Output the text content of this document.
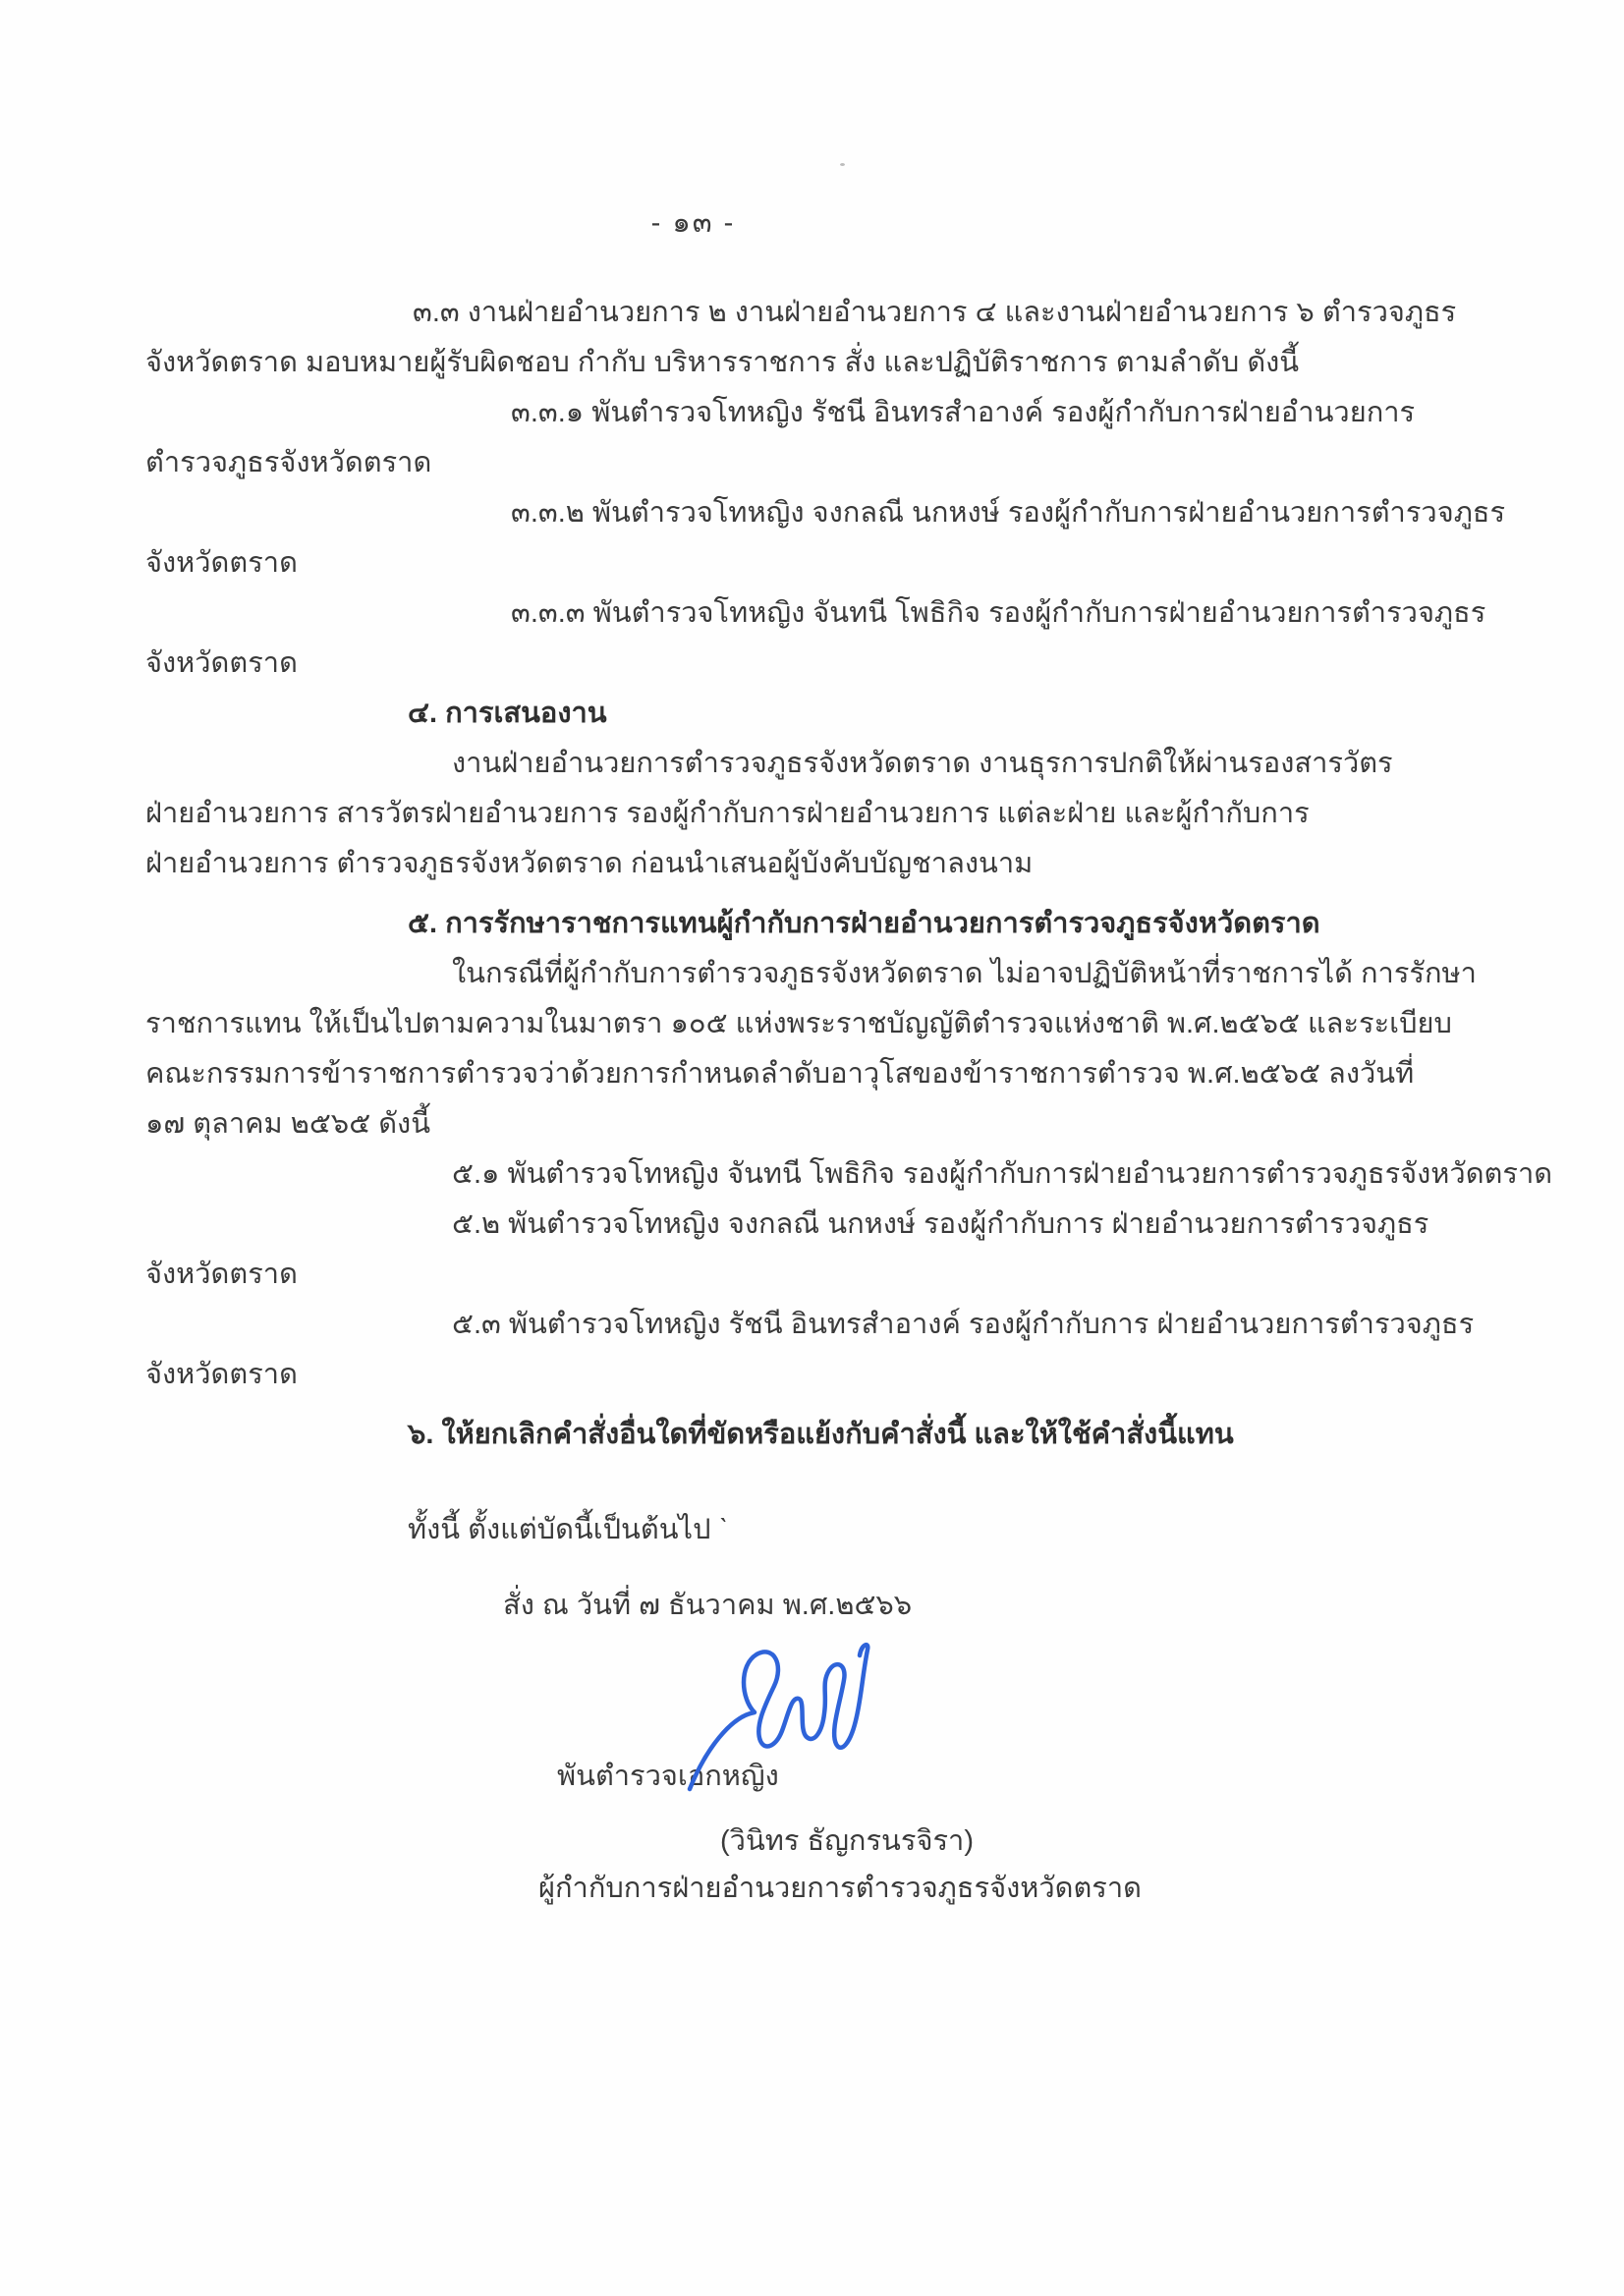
- ๑๓ -
๓.๓ งานฝ่ายอำนวยการ ๒ งานฝ่ายอำนวยการ ๔ และงานฝ่ายอำนวยการ ๖ ตำรวจภูธร
จังหวัดตราด มอบหมายผู้รับผิดชอบ กำกับ บริหารราชการ สั่ง และปฏิบัติราชการ ตามลำดับ ดังนี้
๓.๓.๑ พันตำรวจโทหญิง รัชนี อินทรสำอางค์ รองผู้กำกับการฝ่ายอำนวยการ
ตำรวจภูธรจังหวัดตราด
๓.๓.๒ พันตำรวจโทหญิง จงกลณี นกหงษ์ รองผู้กำกับการฝ่ายอำนวยการตำรวจภูธร
จังหวัดตราด
๓.๓.๓ พันตำรวจโทหญิง จันทนี โพธิกิจ รองผู้กำกับการฝ่ายอำนวยการตำรวจภูธร
จังหวัดตราด
๔. การเสนองาน
งานฝ่ายอำนวยการตำรวจภูธรจังหวัดตราด งานธุรการปกติให้ผ่านรองสารวัตร
ฝ่ายอำนวยการ สารวัตรฝ่ายอำนวยการ รองผู้กำกับการฝ่ายอำนวยการ แต่ละฝ่าย และผู้กำกับการ
ฝ่ายอำนวยการ ตำรวจภูธรจังหวัดตราด ก่อนนำเสนอผู้บังคับบัญชาลงนาม
๕. การรักษาราชการแทนผู้กำกับการฝ่ายอำนวยการตำรวจภูธรจังหวัดตราด
ในกรณีที่ผู้กำกับการตำรวจภูธรจังหวัดตราด ไม่อาจปฏิบัติหน้าที่ราชการได้ การรักษา
ราชการแทน ให้เป็นไปตามความในมาตรา ๑๐๕ แห่งพระราชบัญญัติตำรวจแห่งชาติ พ.ศ.๒๕๖๕ และระเบียบ
คณะกรรมการข้าราชการตำรวจว่าด้วยการกำหนดลำดับอาวุโสของข้าราชการตำรวจ พ.ศ.๒๕๖๕ ลงวันที่
๑๗ ตุลาคม ๒๕๖๕ ดังนี้
๕.๑ พันตำรวจโทหญิง จันทนี โพธิกิจ รองผู้กำกับการฝ่ายอำนวยการตำรวจภูธรจังหวัดตราด
๕.๒ พันตำรวจโทหญิง จงกลณี นกหงษ์ รองผู้กำกับการ ฝ่ายอำนวยการตำรวจภูธร
จังหวัดตราด
๕.๓ พันตำรวจโทหญิง รัชนี อินทรสำอางค์ รองผู้กำกับการ ฝ่ายอำนวยการตำรวจภูธร
จังหวัดตราด
๖. ให้ยกเลิกคำสั่งอื่นใดที่ขัดหรือแย้งกับคำสั่งนี้ และให้ใช้คำสั่งนี้แทน
ทั้งนี้ ตั้งแต่บัดนี้เป็นต้นไป ˋ
สั่ง ณ วันที่ ๗ ธันวาคม พ.ศ.๒๕๖๖
พันตำรวจเอกหญิง
(วินิทร ธัญกรนรจิรา)
ผู้กำกับการฝ่ายอำนวยการตำรวจภูธรจังหวัดตราด
